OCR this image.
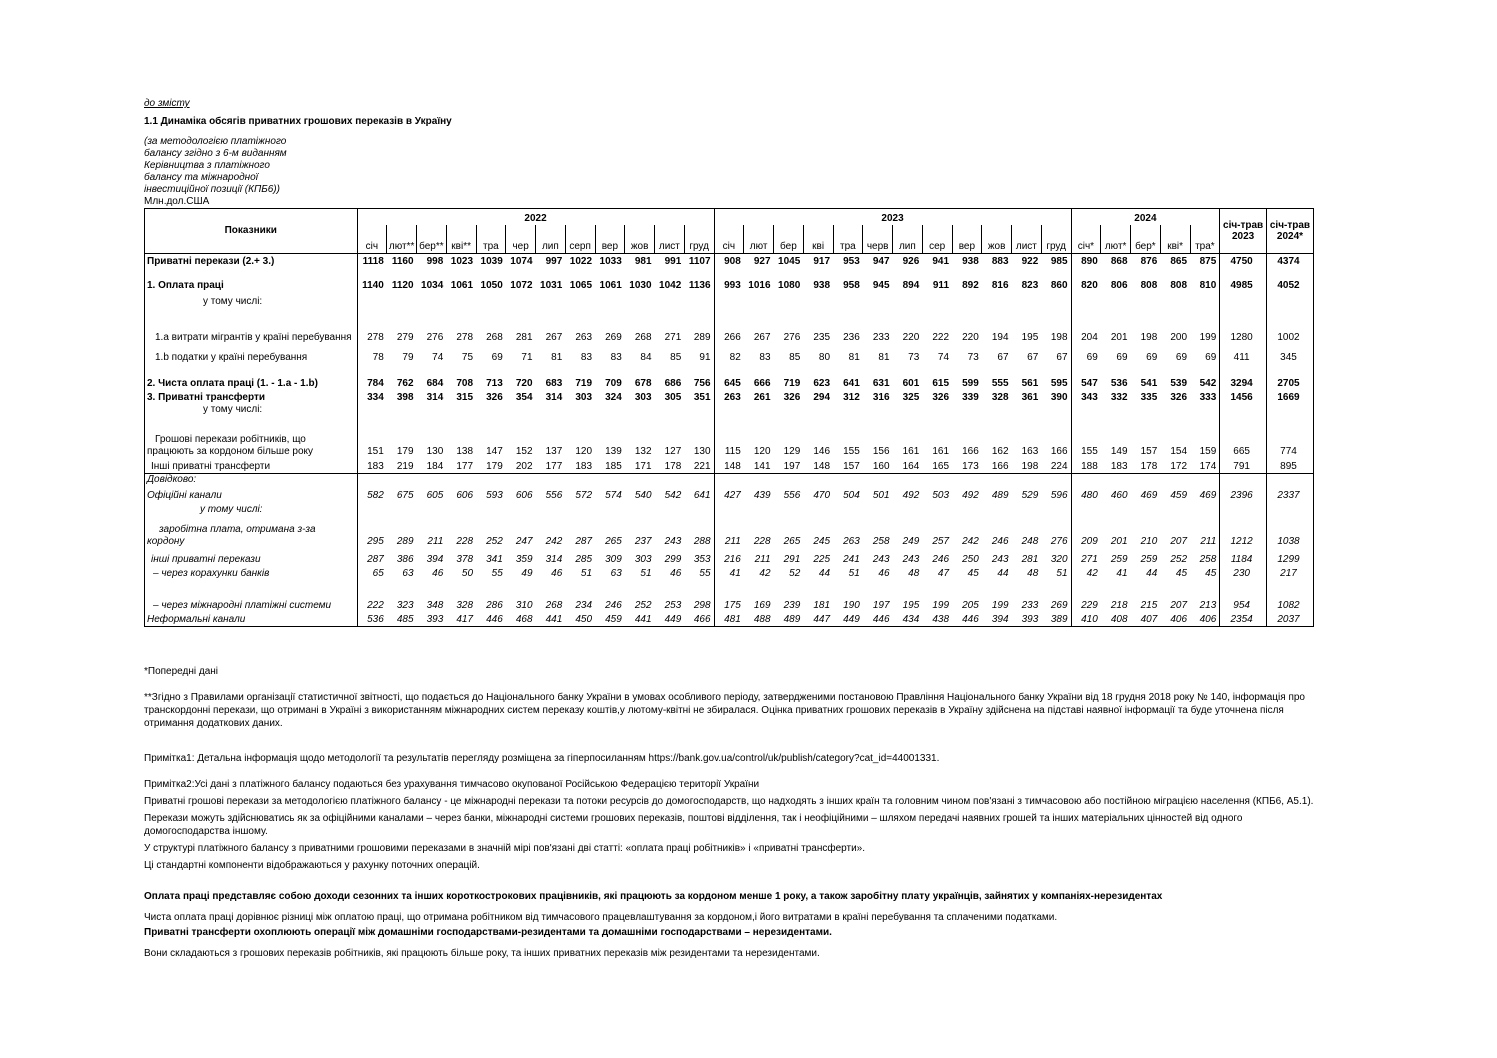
до змісту
1.1 Динаміка обсягів приватних грошових переказів в Україну
(за методологією платіжного
балансу згідно з 6-м виданням
Керівництва з платіжного
балансу та міжнародної
інвестиційної позиції (КПБ6))
Млн.дол.США
Показники	2022												2023												2024					січ-трав 2023	січ-трав 2024*
	січ	лют**	бер**	кві**	тра	чер	лип	серп	вер	жов	лист	груд	січ	лют	бер	кві	тра	черв	лип	сер	вер	жов	лист	груд	січ*	лют*	бер*	кві*	тра*		
Приватні перекази (2.+ 3.)	1118	1160	998	1023	1039	1074	997	1022	1033	981	991	1107	908	927	1045	917	953	947	926	941	938	883	922	985	890	868	876	865	875	4750	4374
1. Оплата праці	1140	1120	1034	1061	1050	1072	1031	1065	1061	1030	1042	1136	993	1016	1080	938	958	945	894	911	892	816	823	860	820	806	808	808	810	4985	4052
у тому числі:																															
1.а витрати мігрантів у країні перебування	278	279	276	278	268	281	267	263	269	268	271	289	266	267	276	235	236	233	220	222	220	194	195	198	204	201	198	200	199	1280	1002
1.b податки у країні перебування	78	79	74	75	69	71	81	83	83	84	85	91	82	83	85	80	81	81	73	74	73	67	67	67	69	69	69	69	69	411	345
2. Чиста оплата праці (1. - 1.а - 1.b)	784	762	684	708	713	720	683	719	709	678	686	756	645	666	719	623	641	631	601	615	599	555	561	595	547	536	541	539	542	3294	2705
3. Приватні трансферти	334	398	314	315	326	354	314	303	324	303	305	351	263	261	326	294	312	316	325	326	339	328	361	390	343	332	335	326	333	1456	1669
у тому числі:																															
Грошові перекази робітників, що працюють за кордоном більше року	151	179	130	138	147	152	137	120	139	132	127	130	115	120	129	146	155	156	161	161	166	162	163	166	155	149	157	154	159	665	774
Інші приватні трансферти	183	219	184	177	179	202	177	183	185	171	178	221	148	141	197	148	157	160	164	165	173	166	198	224	188	183	178	172	174	791	895
Довідково:																															
Офіційні канали	582	675	605	606	593	606	556	572	574	540	542	641	427	439	556	470	504	501	492	503	492	489	529	596	480	460	469	459	469	2396	2337
у тому числі:																															
заробітна плата, отримана з-за кордону	295	289	211	228	252	247	242	287	265	237	243	288	211	228	265	245	263	258	249	257	242	246	248	276	209	201	210	207	211	1212	1038
інші приватні перекази	287	386	394	378	341	359	314	285	309	303	299	353	216	211	291	225	241	243	243	246	250	243	281	320	271	259	259	252	258	1184	1299
– через корахунки банків	65	63	46	50	55	49	46	51	63	51	46	55	41	42	52	44	51	46	48	47	45	44	48	51	42	41	44	45	45	230	217
– через міжнародні платіжні системи	222	323	348	328	286	310	268	234	246	252	253	298	175	169	239	181	190	197	195	199	205	199	233	269	229	218	215	207	213	954	1082
Неформальні канали	536	485	393	417	446	468	441	450	459	441	449	466	481	488	489	447	449	446	434	438	446	394	393	389	410	408	407	406	406	2354	2037

*Попередні дані

**Згідно з Правилами організації статистичної звітності, що подається до Національного банку України в умовах особливого періоду, затвердженими постановою Правління Національного банку України від 18 грудня 2018 року № 140, інформація про транскордонні перекази, що отримані в Україні з використанням міжнародних систем переказу коштів,у лютому-квітні не збиралася. Оцінка приватних грошових переказів в Україну здійснена на підставі наявної інформації та буде уточнена після отримання додаткових даних.

Примітка1: Детальна інформація щодо методології та результатів перегляду розміщена за гіперпосиланням https://bank.gov.ua/control/uk/publish/category?cat_id=44001331.

Примітка2:Усі дані з платіжного балансу подаються без урахування тимчасово окупованої Російською Федерацією території України

Приватні грошові перекази за методологією платіжного балансу - це міжнародні перекази та потоки ресурсів до домогосподарств, що надходять з інших країн та головним чином пов'язані з тимчасовою або постійною міграцією населення (КПБ6, А5.1).

Перекази можуть здійснюватись як за офіційними каналами – через банки, міжнародні системи грошових переказів, поштові відділення, так і неофіційними – шляхом передачі наявних грошей та інших матеріальних цінностей від одного домогосподарства іншому.

У структурі платіжного балансу з приватними грошовими переказами в значній мірі пов'язані дві статті: «оплата праці робітників» і «приватні трансферти».

Ці стандартні компоненти відображаються у рахунку поточних операцій.

Оплата праці представляє собою доходи сезонних та інших короткострокових працівників, які працюють за кордоном менше 1 року, а також заробітну плату українців, зайнятих у компаніях-нерезидентах

Чиста оплата праці дорівнює різниці між оплатою праці, що отримана робітником від тимчасового працевлаштування за кордоном,і його витратами в країні перебування та сплаченими податками.

Приватні трансферти охоплюють операції між домашніми господарствами-резидентами та домашніми господарствами – нерезидентами.

Вони складаються з грошових переказів робітників, які працюють більше року, та інших приватних переказів між резидентами та нерезидентами.
